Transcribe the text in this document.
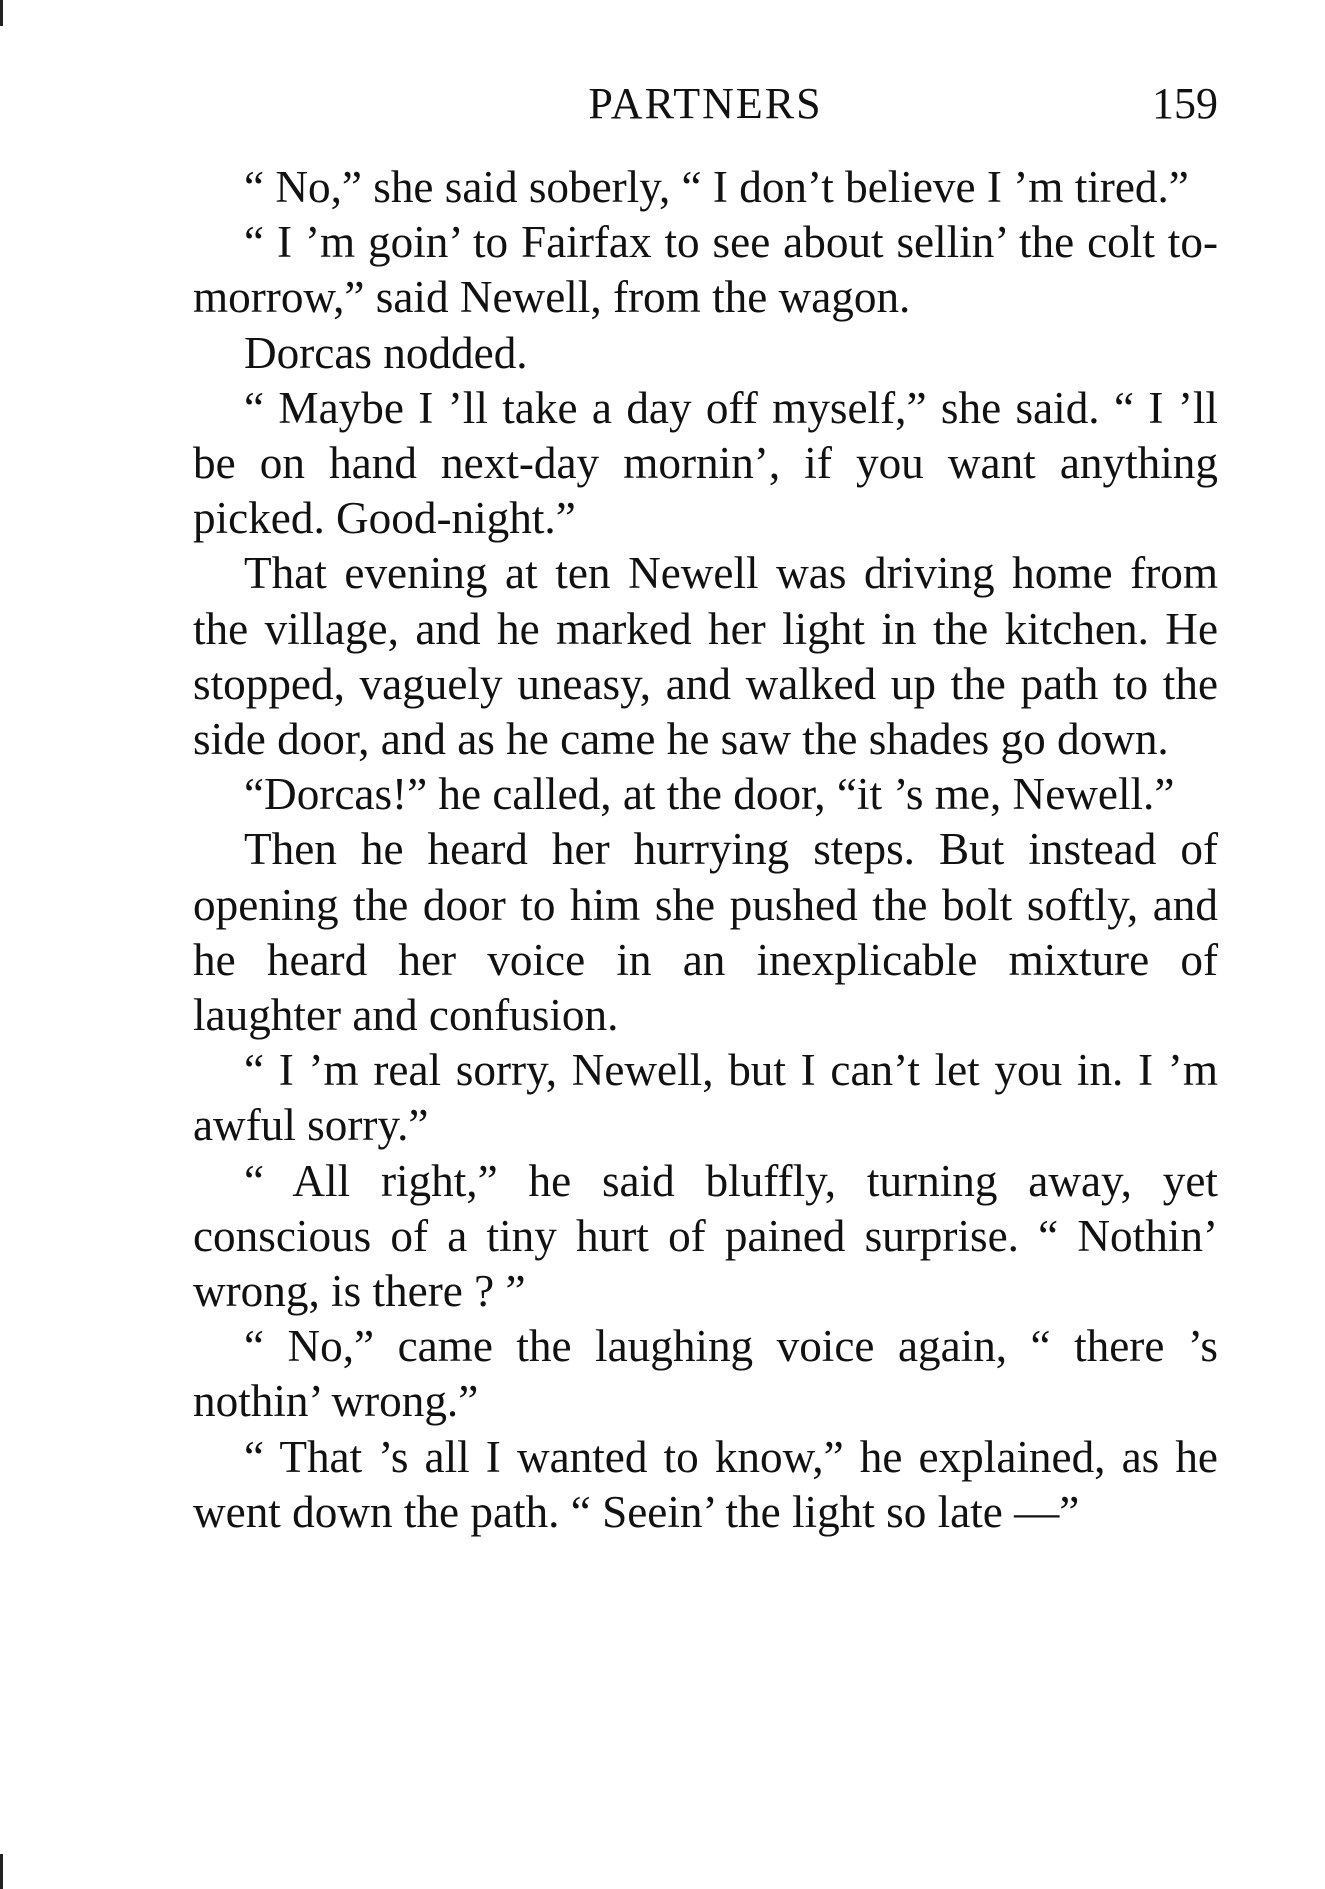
PARTNERS	159

“ No,” she said soberly, “ I don’t believe I ’m tired.”

“ I ’m goin’ to Fairfax to see about sellin’ the colt to-morrow,” said Newell, from the wagon.

Dorcas nodded.

“ Maybe I ’ll take a day off myself,” she said. “ I ’ll be on hand next-day mornin’, if you want anything picked. Good-night.”

That evening at ten Newell was driving home from the village, and he marked her light in the kitchen. He stopped, vaguely uneasy, and walked up the path to the side door, and as he came he saw the shades go down.

“Dorcas!” he called, at the door, “it ’s me, Newell.”

Then he heard her hurrying steps. But instead of opening the door to him she pushed the bolt softly, and he heard her voice in an inexplicable mixture of laughter and confusion.

“ I ’m real sorry, Newell, but I can’t let you in. I ’m awful sorry.”

“ All right,” he said bluffly, turning away, yet conscious of a tiny hurt of pained surprise. “ Nothin’ wrong, is there ? ”

“ No,” came the laughing voice again, “ there ’s nothin’ wrong.”

“ That ’s all I wanted to know,” he explained, as he went down the path. “ Seein’ the light so late —”
